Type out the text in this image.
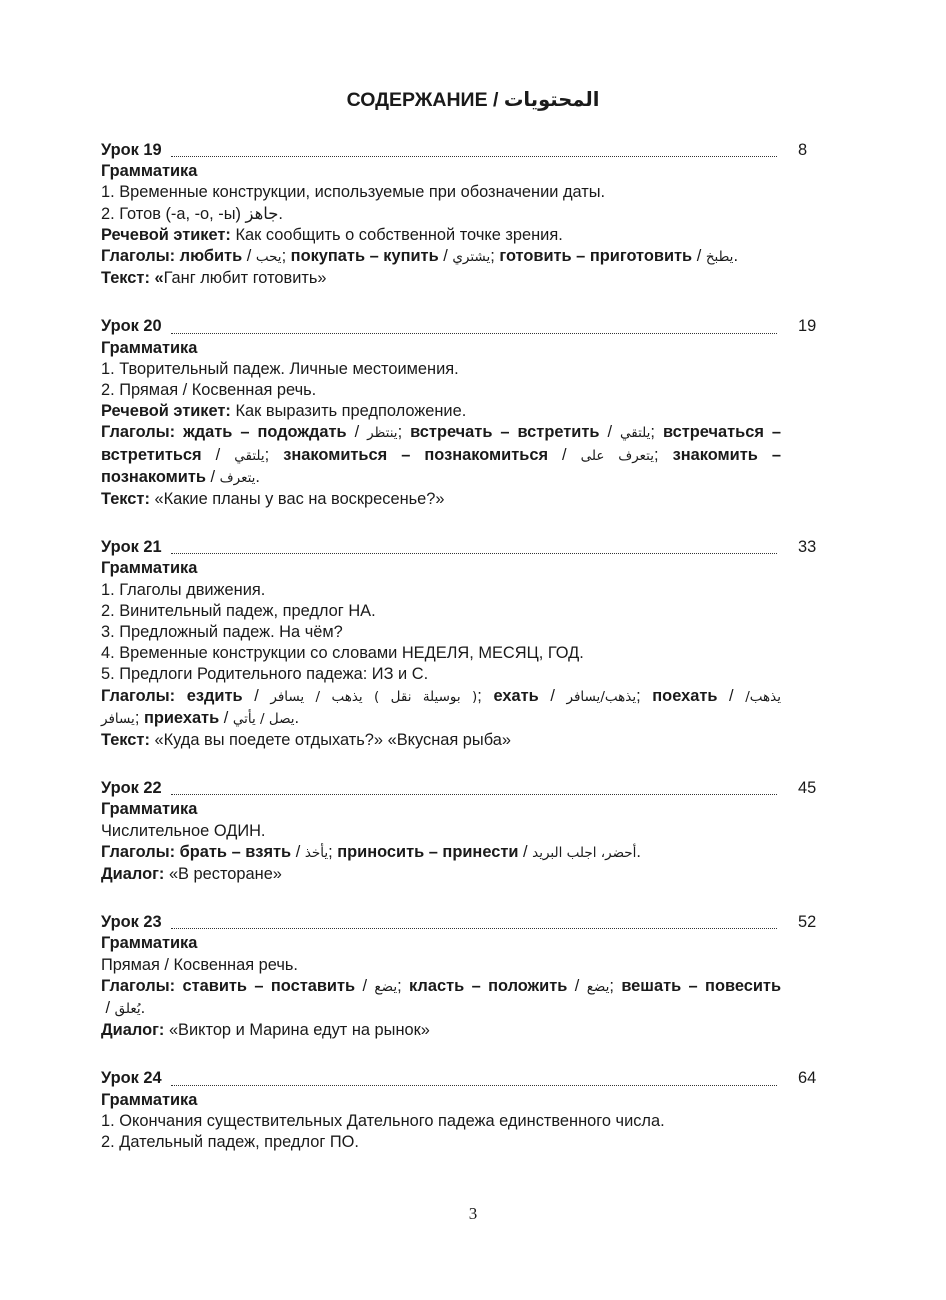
СОДЕРЖАНИЕ / المحتويات
Урок 19	8
Грамматика
1. Временные конструкции, используемые при обозначении даты.
2. Готов (-а, -о, -ы) جاهز.
Речевой этикет: Как сообщить о собственной точке зрения.
Глаголы: любить / يحب; покупать – купить / يشتري; готовить – приготовить / يطبخ.
Текст: «Ганг любит готовить»
Урок 20	19
Грамматика
1. Творительный падеж. Личные местоимения.
2. Прямая / Косвенная речь.
Речевой этикет: Как выразить предположение.
Глаголы: ждать – подождать / ينتظر; встречать – встретить / يلتقي; встречаться – встретиться / يلتقي; знакомиться – познакомиться / يتعرف على; знакомить – познакомить / يتعرف.
Текст: «Какие планы у вас на воскресенье?»
Урок 21	33
Грамматика
1. Глаголы движения.
2. Винительный падеж, предлог НА.
3. Предложный падеж. На чём?
4. Временные конструкции со словами НЕДЕЛЯ, МЕСЯЦ, ГОД.
5. Предлоги Родительного падежа: ИЗ и С.
Глаголы: ездить / ( بوسيلة نقل ) يذهب / يسافر; ехать / يذهب/يسافر; поехать / يذهب/يسافر; приехать / يصل / يأتي.
Текст: «Куда вы поедете отдыхать?» «Вкусная рыба»
Урок 22	45
Грамматика
Числительное ОДИН.
Глаголы: брать – взять / يأخذ; приносить – принести / أحضر، اجلب البريد.
Диалог: «В ресторане»
Урок 23	52
Грамматика
Прямая / Косвенная речь.
Глаголы: ставить – поставить / يضع; класть – положить / يضع; вешать – повесить / يُعلق.
Диалог: «Виктор и Марина едут на рынок»
Урок 24	64
Грамматика
1. Окончания существительных Дательного падежа единственного числа.
2. Дательный падеж, предлог ПО.
3
